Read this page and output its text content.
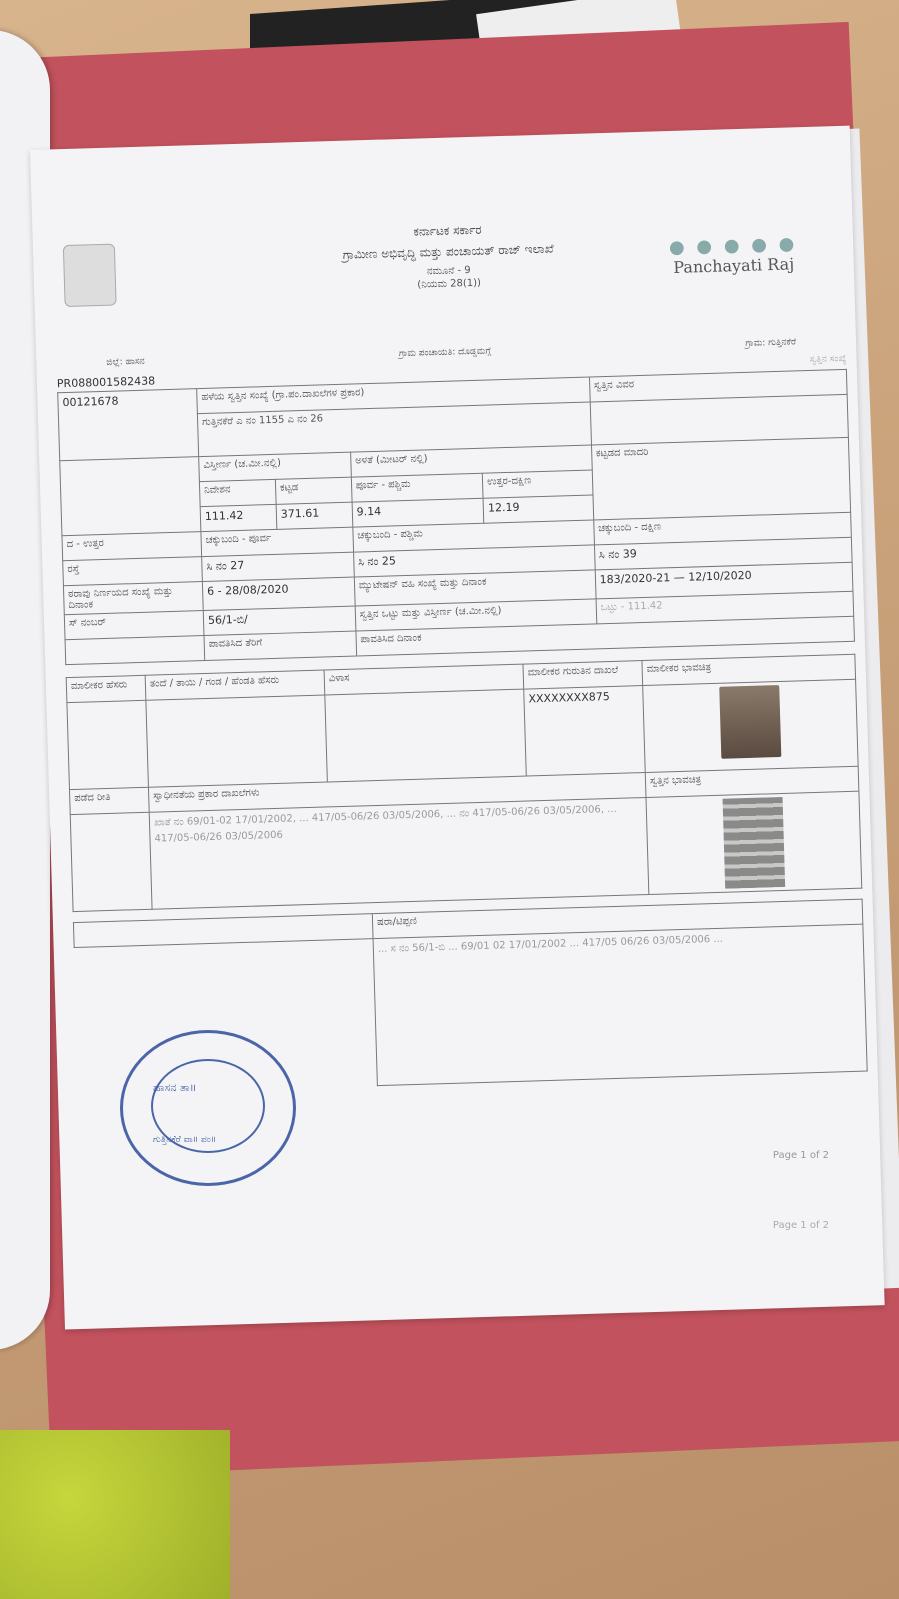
ಕರ್ನಾಟಕ ಸರ್ಕಾರ
ಗ್ರಾಮೀಣ ಅಭಿವೃದ್ಧಿ ಮತ್ತು ಪಂಚಾಯತ್ ರಾಜ್ ಇಲಾಖೆ
ನಮೂನೆ - 9
(ನಿಯಮ 28(1))
● ● ● ● ●
Panchayati Raj
ಜಿಲ್ಲೆ: ಹಾಸನ
ಗ್ರಾಮ ಪಂಚಾಯತಿ: ದೊಡ್ಡಮಗ್ಗೆ
ಗ್ರಾಮ: ಗುತ್ತಿನಕೆರೆ
PR088001582438
ಸ್ವತ್ತಿನ ಸಂಖ್ಯೆ
00121678	ಹಳೆಯ ಸ್ವತ್ತಿನ ಸಂಖ್ಯೆ (ಗ್ರಾ.ಪಂ.ದಾಖಲೆಗಳ ಪ್ರಕಾರ)				ಸ್ವತ್ತಿನ ವಿವರ
	ಗುತ್ತಿನಕೆರೆ ಎ ನಂ 1155 ಎ ನಂ 26				
	ವಿಸ್ತೀರ್ಣ (ಚ.ಮೀ.ನಲ್ಲಿ)		ಅಳತೆ (ಮೀಟರ್ ನಲ್ಲಿ)		ಕಟ್ಟಡದ ಮಾದರಿ
	ನಿವೇಶನ	ಕಟ್ಟಡ	ಪೂರ್ವ - ಪಶ್ಚಿಮ	ಉತ್ತರ-ದಕ್ಷಿಣ	
	111.42	371.61	9.14	12.19	
ದ - ಉತ್ತರ	ಚಕ್ಕುಬಂದಿ - ಪೂರ್ವ		ಚಕ್ಕುಬಂದಿ - ಪಶ್ಚಿಮ		ಚಕ್ಕುಬಂದಿ - ದಕ್ಷಿಣ
ರಸ್ತೆ	ಸಿ ನಂ 27		ಸಿ ನಂ 25		ಸಿ ನಂ 39
ಠರಾವು ನಿರ್ಣಯದ ಸಂಖ್ಯೆ ಮತ್ತು ದಿನಾಂಕ	6 - 28/08/2020		ಮ್ಯುಟೇಷನ್ ವಹಿ ಸಂಖ್ಯೆ ಮತ್ತು ದಿನಾಂಕ		183/2020-21 — 12/10/2020
ಸ್ ನಂಬರ್	56/1-ಬಿ/		ಸ್ವತ್ತಿನ ಒಟ್ಟು ಮತ್ತು ವಿಸ್ತೀರ್ಣ (ಚ.ಮೀ.ನಲ್ಲಿ)		ಒಟ್ಟು - 111.42
	ಪಾವತಿಸಿದ ತೆರಿಗೆ		ಪಾವತಿಸಿದ ದಿನಾಂಕ		
ಮಾಲೀಕರ ಹೆಸರು	ತಂದೆ / ತಾಯಿ / ಗಂಡ / ಹೆಂಡತಿ ಹೆಸರು	ವಿಳಾಸ	ಮಾಲೀಕರ ಗುರುತಿನ ದಾಖಲೆ	ಮಾಲೀಕರ ಭಾವಚಿತ್ರ
			XXXXXXXX875	

ಪಡೆದ ರೀತಿ	ಸ್ವಾಧೀನತೆಯ ಪ್ರಕಾರ ದಾಖಲೆಗಳು			ಸ್ವತ್ತಿನ ಭಾವಚಿತ್ರ
	ಖಾತೆ ನಂ 69/01-02 17/01/2002, ... 417/05-06/26 03/05/2006, ... ನಂ 417/05-06/26 03/05/2006, ... 417/05-06/26 03/05/2006			
	ಷರಾ/ಟಿಪ್ಪಣಿ
	... ಸ ನಂ 56/1-ಬಿ ... 69/01 02 17/01/2002 ... 417/05 06/26 03/05/2006 ...
ಹಾಸನ ತಾ॥
ಗುತ್ತಿನಕೆರೆ ವಾ॥ ಪಂ॥
Page 1 of 2
Page 1 of 2
